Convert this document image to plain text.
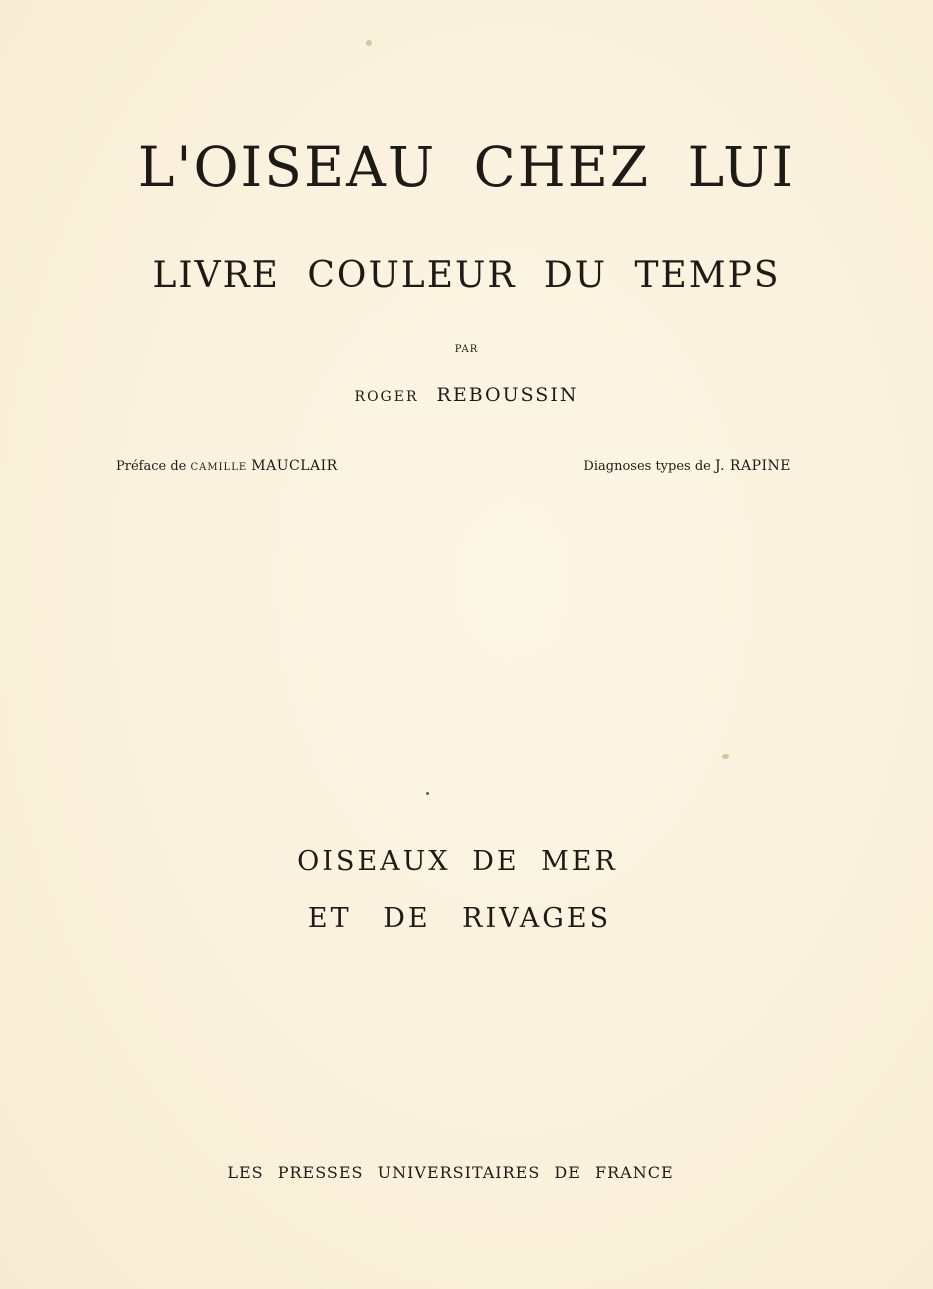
L'OISEAU CHEZ LUI
LIVRE COULEUR DU TEMPS
PAR
ROGER REBOUSSIN
Préface de CAMILLE MAUCLAIR	Diagnoses types de J. RAPINE
OISEAUX DE MER
ET DE RIVAGES
LES PRESSES UNIVERSITAIRES DE FRANCE
